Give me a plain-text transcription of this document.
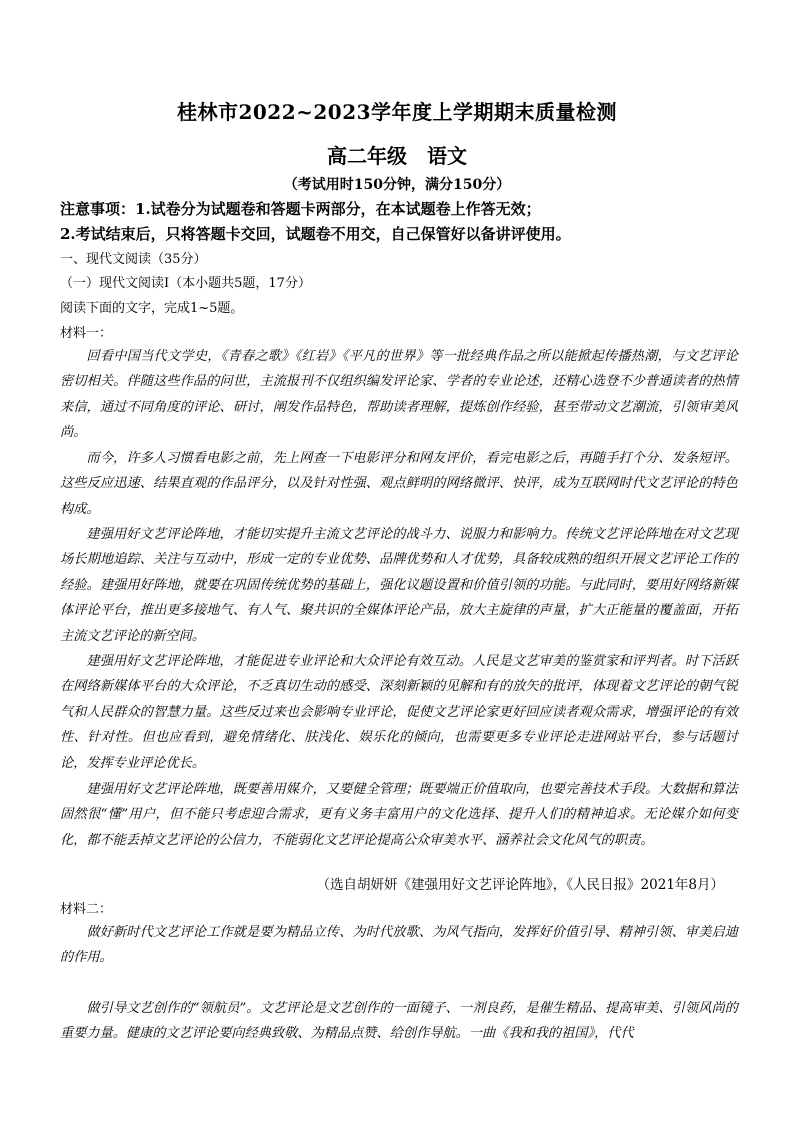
桂林市2022~2023学年度上学期期末质量检测
高二年级　语文
（考试用时150分钟，满分150分）
注意事项：1.试卷分为试题卷和答题卡两部分，在本试题卷上作答无效；
2.考试结束后，只将答题卡交回，试题卷不用交，自己保管好以备讲评使用。
一、现代文阅读（35分）
（一）现代文阅读Ⅰ（本小题共5题，17分）
阅读下面的文字，完成1~5题。
材料一：
回看中国当代文学史，《青春之歌》《红岩》《平凡的世界》等一批经典作品之所以能掀起传播热潮，与文艺评论密切相关。伴随这些作品的问世，主流报刊不仅组织编发评论家、学者的专业论述，还精心选登不少普通读者的热情来信，通过不同角度的评论、研讨，阐发作品特色，帮助读者理解，提炼创作经验，甚至带动文艺潮流，引领审美风尚。
而今，许多人习惯看电影之前，先上网查一下电影评分和网友评价，看完电影之后，再随手打个分、发条短评。这些反应迅速、结果直观的作品评分，以及针对性强、观点鲜明的网络微评、快评，成为互联网时代文艺评论的特色构成。
建强用好文艺评论阵地，才能切实提升主流文艺评论的战斗力、说服力和影响力。传统文艺评论阵地在对文艺现场长期地追踪、关注与互动中，形成一定的专业优势、品牌优势和人才优势，具备较成熟的组织开展文艺评论工作的经验。建强用好阵地，就要在巩固传统优势的基础上，强化议题设置和价值引领的功能。与此同时，要用好网络新媒体评论平台，推出更多接地气、有人气、聚共识的全媒体评论产品，放大主旋律的声量，扩大正能量的覆盖面，开拓主流文艺评论的新空间。
建强用好文艺评论阵地，才能促进专业评论和大众评论有效互动。人民是文艺审美的鉴赏家和评判者。时下活跃在网络新媒体平台的大众评论，不乏真切生动的感受、深刻新颖的见解和有的放矢的批评，体现着文艺评论的朝气锐气和人民群众的智慧力量。这些反过来也会影响专业评论，促使文艺评论家更好回应读者观众需求，增强评论的有效性、针对性。但也应看到，避免情绪化、肤浅化、娱乐化的倾向，也需要更多专业评论走进网站平台，参与话题讨论，发挥专业评论优长。
建强用好文艺评论阵地，既要善用媒介，又要健全管理；既要端正价值取向，也要完善技术手段。大数据和算法固然很“懂”用户，但不能只考虑迎合需求，更有义务丰富用户的文化选择、提升人们的精神追求。无论媒介如何变化，都不能丢掉文艺评论的公信力，不能弱化文艺评论提高公众审美水平、涵养社会文化风气的职责。
（选自胡妍妍《建强用好文艺评论阵地》，《人民日报》2021年8月）
材料二：
做好新时代文艺评论工作就是要为精品立传、为时代放歌、为风气指向，发挥好价值引导、精神引领、审美启迪的作用。
做引导文艺创作的“领航员”。文艺评论是文艺创作的一面镜子、一剂良药，是催生精品、提高审美、引领风尚的重要力量。健康的文艺评论要向经典致敬、为精品点赞、给创作导航。一曲《我和我的祖国》，代代
